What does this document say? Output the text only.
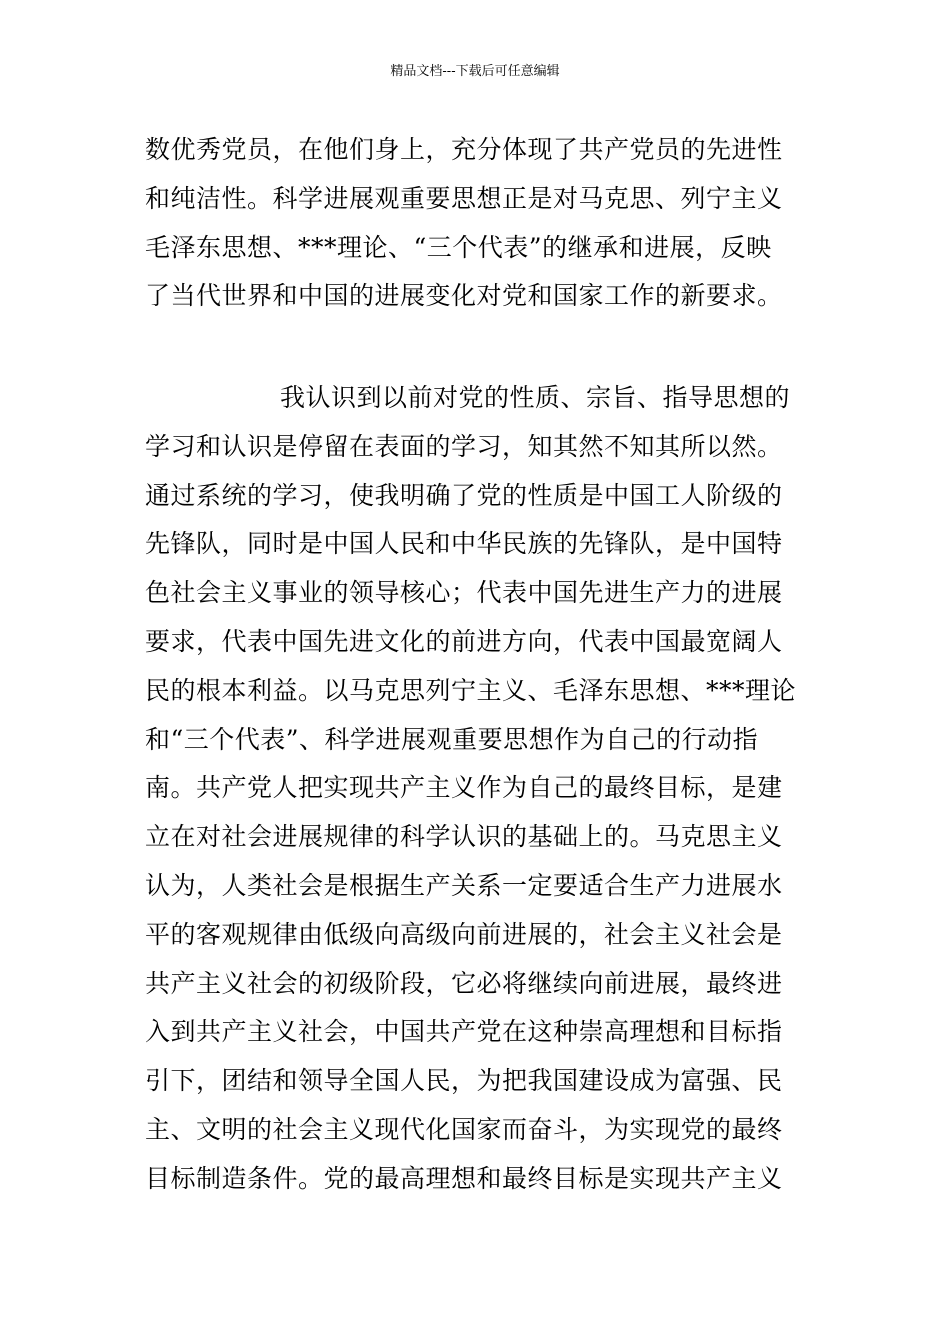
精品文档---下载后可任意编辑
数优秀党员，在他们身上，充分体现了共产党员的先进性
和纯洁性。科学进展观重要思想正是对马克思、列宁主义
毛泽东思想、***理论、“三个代表”的继承和进展，反映
了当代世界和中国的进展变化对党和国家工作的新要求。
我认识到以前对党的性质、宗旨、指导思想的
学习和认识是停留在表面的学习，知其然不知其所以然。
通过系统的学习，使我明确了党的性质是中国工人阶级的
先锋队，同时是中国人民和中华民族的先锋队，是中国特
色社会主义事业的领导核心；代表中国先进生产力的进展
要求，代表中国先进文化的前进方向，代表中国最宽阔人
民的根本利益。以马克思列宁主义、毛泽东思想、***理论
和“三个代表”、科学进展观重要思想作为自己的行动指
南。共产党人把实现共产主义作为自己的最终目标，是建
立在对社会进展规律的科学认识的基础上的。马克思主义
认为，人类社会是根据生产关系一定要适合生产力进展水
平的客观规律由低级向高级向前进展的，社会主义社会是
共产主义社会的初级阶段，它必将继续向前进展，最终进
入到共产主义社会，中国共产党在这种崇高理想和目标指
引下，团结和领导全国人民，为把我国建设成为富强、民
主、文明的社会主义现代化国家而奋斗，为实现党的最终
目标制造条件。党的最高理想和最终目标是实现共产主义
